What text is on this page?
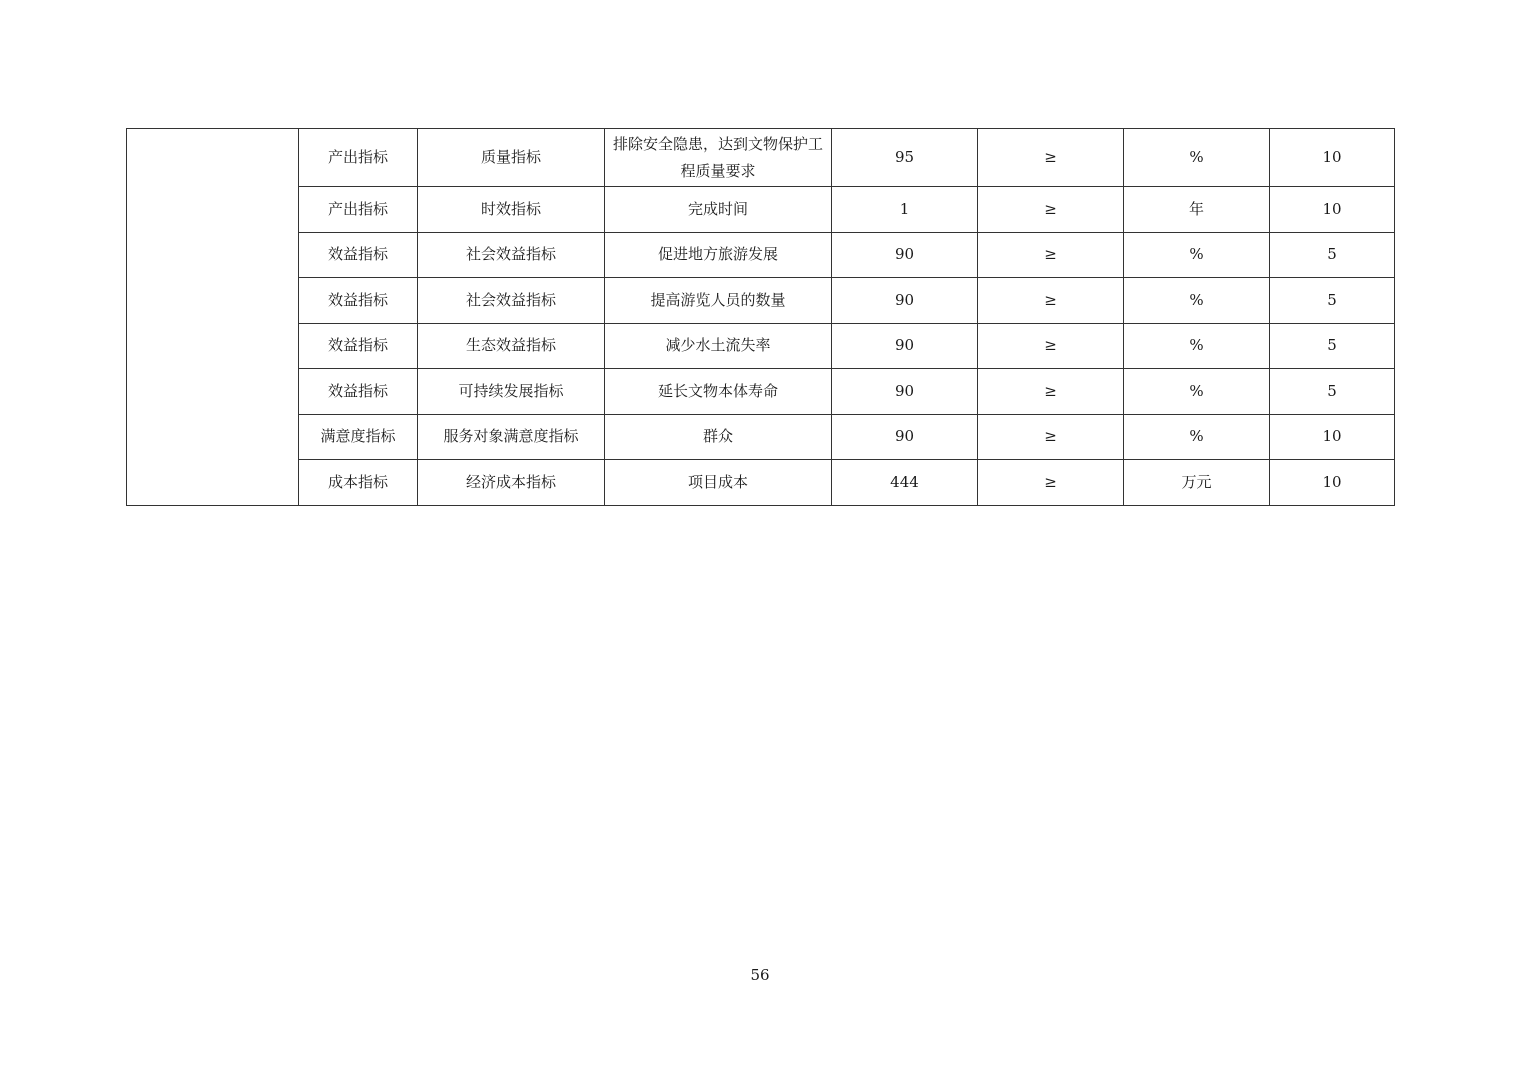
	产出指标	质量指标	排除安全隐患，达到文物保护工程质量要求	95	≥	%	10
	产出指标	时效指标	完成时间	1	≥	年	10
	效益指标	社会效益指标	促进地方旅游发展	90	≥	%	5
	效益指标	社会效益指标	提高游览人员的数量	90	≥	%	5
	效益指标	生态效益指标	减少水土流失率	90	≥	%	5
	效益指标	可持续发展指标	延长文物本体寿命	90	≥	%	5
	满意度指标	服务对象满意度指标	群众	90	≥	%	10
	成本指标	经济成本指标	项目成本	444	≥	万元	10
56
